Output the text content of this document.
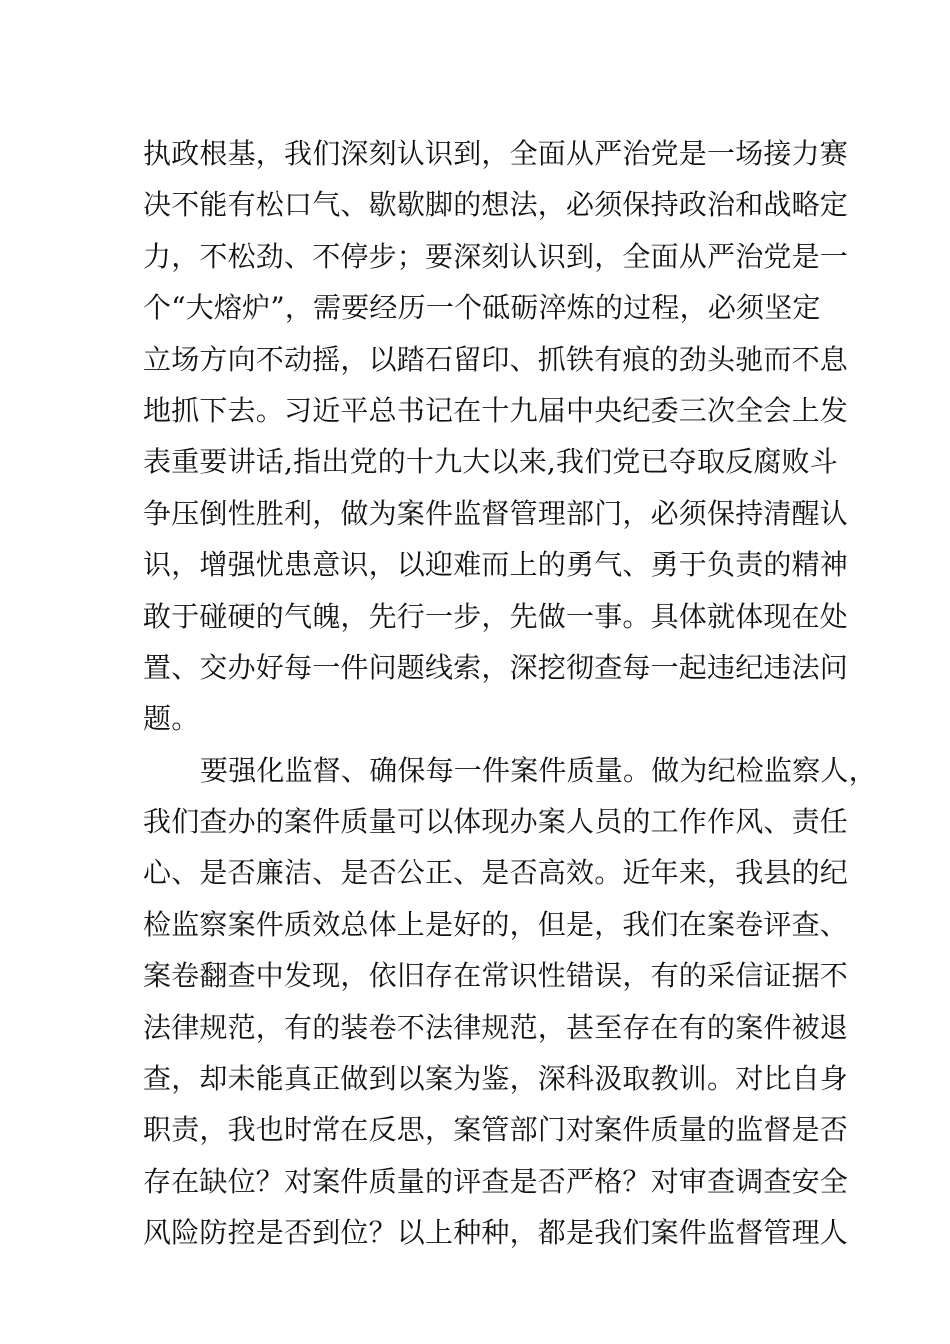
执政根基，我们深刻认识到，全面从严治党是一场接力赛
决不能有松口气、歇歇脚的想法，必须保持政治和战略定
力，不松劲、不停步；要深刻认识到，全面从严治党是一
个“大熔炉”，需要经历一个砥砺淬炼的过程，必须坚定
立场方向不动摇，以踏石留印、抓铁有痕的劲头驰而不息
地抓下去。习近平总书记在十九届中央纪委三次全会上发
表重要讲话,指出党的十九大以来,我们党已夺取反腐败斗
争压倒性胜利，做为案件监督管理部门，必须保持清醒认
识，增强忧患意识，以迎难而上的勇气、勇于负责的精神
敢于碰硬的气魄，先行一步，先做一事。具体就体现在处
置、交办好每一件问题线索，深挖彻查每一起违纪违法问
题。
要强化监督、确保每一件案件质量。做为纪检监察人，
我们查办的案件质量可以体现办案人员的工作作风、责任
心、是否廉洁、是否公正、是否高效。近年来，我县的纪
检监察案件质效总体上是好的，但是，我们在案卷评查、
案卷翻查中发现，依旧存在常识性错误，有的采信证据不
法律规范，有的装卷不法律规范，甚至存在有的案件被退
查，却未能真正做到以案为鉴，深科汲取教训。对比自身
职责，我也时常在反思，案管部门对案件质量的监督是否
存在缺位？对案件质量的评查是否严格？对审查调查安全
风险防控是否到位？以上种种，都是我们案件监督管理人
